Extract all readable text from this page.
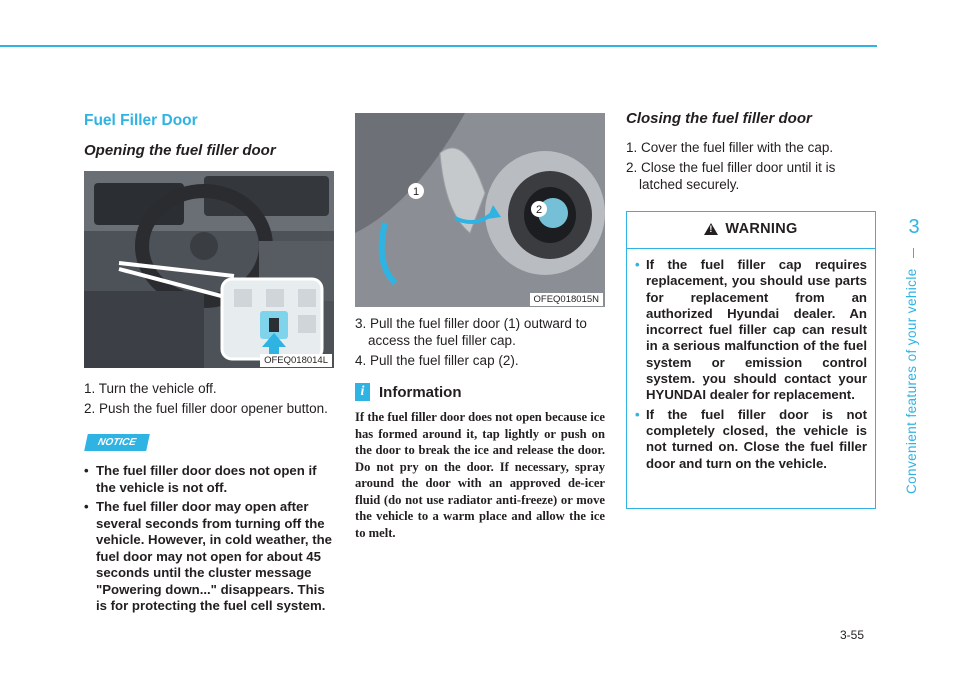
Fuel Filler Door
Opening the fuel filler door
OFEQ018014L
1. Turn the vehicle off.
2. Push the fuel filler door opener button.
NOTICE
• The fuel filler door does not open if the vehicle is not off.
• The fuel filler door may open after several seconds from turning off the vehicle. However, in cold weather, the fuel door may not open for about 45 seconds until the cluster message "Powering down..." disappears. This is for protecting the fuel cell system.
1
2
OFEQ018015N
3. Pull the fuel filler door (1) outward to access the fuel filler cap.
4. Pull the fuel filler cap (2).
i Information

If the fuel filler door does not open because ice has formed around it, tap lightly or push on the door to break the ice and release the door. Do not pry on the door. If necessary, spray around the door with an approved de-icer fluid (do not use radiator anti-freeze) or move the vehicle to a warm place and allow the ice to melt.

Closing the fuel filler door
1. Cover the fuel filler with the cap.
2. Close the fuel filler door until it is latched securely.
! WARNING
• If the fuel filler cap requires replacement, you should use parts for replacement from an authorized Hyundai dealer. An incorrect fuel filler cap can result in a serious malfunction of the fuel system or emission control system. you should contact your HYUNDAI dealer for replacement.
• If the fuel filler door is not completely closed, the vehicle is not turned on. Close the fuel filler door and turn on the vehicle.
3
Convenient features of your vehicle
3-55
